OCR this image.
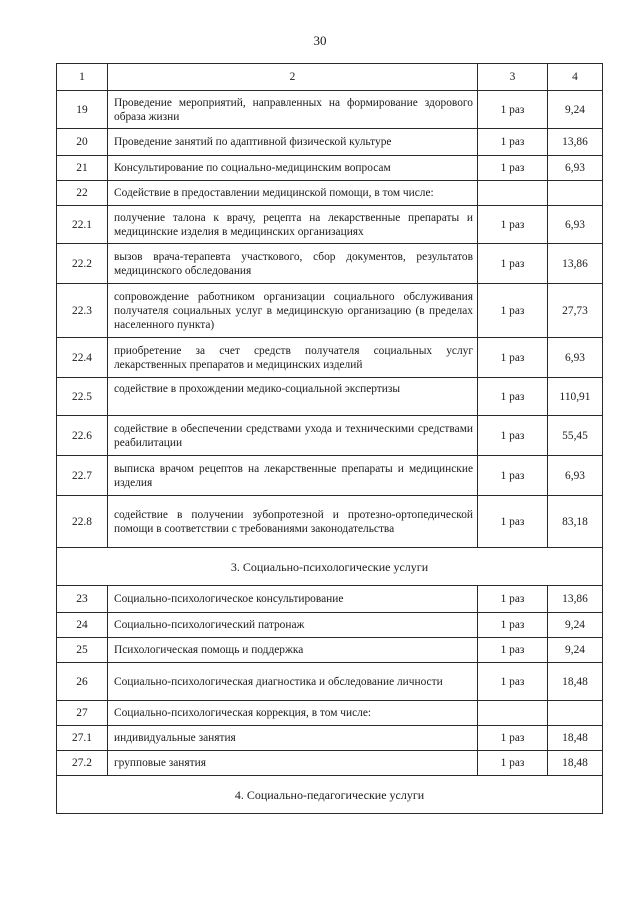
30
1	2	3	4
19	Проведение мероприятий, направленных на формирование здорового образа жизни	1 раз	9,24
20	Проведение занятий по адаптивной физической культуре	1 раз	13,86
21	Консультирование по социально-медицинским вопросам	1 раз	6,93
22	Содействие в предоставлении медицинской помощи, в том числе:		
22.1	получение талона к врачу, рецепта на лекарственные препараты и медицинские изделия в медицинских организациях	1 раз	6,93
22.2	вызов врача-терапевта участкового, сбор документов, результатов медицинского обследования	1 раз	13,86
22.3	сопровождение работником организации социального обслуживания получателя социальных услуг в медицинскую организацию (в пределах населенного пункта)	1 раз	27,73
22.4	приобретение за счет средств получателя социальных услуг лекарственных препаратов и медицинских изделий	1 раз	6,93
22.5	содействие в прохождении медико-социальной экспертизы	1 раз	110,91
22.6	содействие в обеспечении средствами ухода и техническими средствами реабилитации	1 раз	55,45
22.7	выписка врачом рецептов на лекарственные препараты и медицинские изделия	1 раз	6,93
22.8	содействие в получении зубопротезной и протезно-ортопедической помощи в соответствии с требованиями законодательства	1 раз	83,18
3. Социально-психологические услуги			
23	Социально-психологическое консультирование	1 раз	13,86
24	Социально-психологический патронаж	1 раз	9,24
25	Психологическая помощь и поддержка	1 раз	9,24
26	Социально-психологическая диагностика и обследование личности	1 раз	18,48
27	Социально-психологическая коррекция, в том числе:		
27.1	индивидуальные занятия	1 раз	18,48
27.2	групповые занятия	1 раз	18,48
4. Социально-педагогические услуги			
